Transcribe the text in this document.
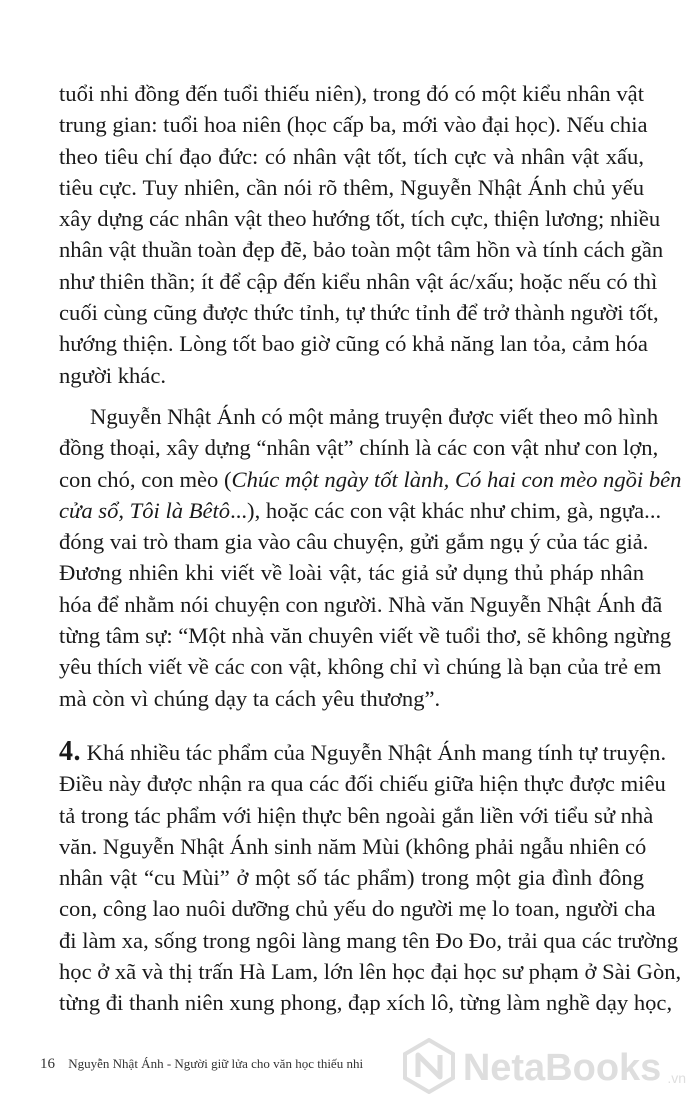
tuổi nhi đồng đến tuổi thiếu niên), trong đó có một kiểu nhân vật
trung gian: tuổi hoa niên (học cấp ba, mới vào đại học). Nếu chia
theo tiêu chí đạo đức: có nhân vật tốt, tích cực và nhân vật xấu,
tiêu cực. Tuy nhiên, cần nói rõ thêm, Nguyễn Nhật Ánh chủ yếu
xây dựng các nhân vật theo hướng tốt, tích cực, thiện lương; nhiều
nhân vật thuần toàn đẹp đẽ, bảo toàn một tâm hồn và tính cách gần
như thiên thần; ít để cập đến kiểu nhân vật ác/xấu; hoặc nếu có thì
cuối cùng cũng được thức tỉnh, tự thức tỉnh để trở thành người tốt,
hướng thiện. Lòng tốt bao giờ cũng có khả năng lan tỏa, cảm hóa
người khác.
Nguyễn Nhật Ánh có một mảng truyện được viết theo mô hình
đồng thoại, xây dựng “nhân vật” chính là các con vật như con lợn,
con chó, con mèo (Chúc một ngày tốt lành, Có hai con mèo ngồi bên
cửa sổ, Tôi là Bêtô...), hoặc các con vật khác như chim, gà, ngựa...
đóng vai trò tham gia vào câu chuyện, gửi gắm ngụ ý của tác giả.
Đương nhiên khi viết về loài vật, tác giả sử dụng thủ pháp nhân
hóa để nhằm nói chuyện con người. Nhà văn Nguyễn Nhật Ánh đã
từng tâm sự: “Một nhà văn chuyên viết về tuổi thơ, sẽ không ngừng
yêu thích viết về các con vật, không chỉ vì chúng là bạn của trẻ em
mà còn vì chúng dạy ta cách yêu thương”.
4. Khá nhiều tác phẩm của Nguyễn Nhật Ánh mang tính tự truyện.
Điều này được nhận ra qua các đối chiếu giữa hiện thực được miêu
tả trong tác phẩm với hiện thực bên ngoài gắn liền với tiểu sử nhà
văn. Nguyễn Nhật Ánh sinh năm Mùi (không phải ngẫu nhiên có
nhân vật “cu Mùi” ở một số tác phẩm) trong một gia đình đông
con, công lao nuôi dưỡng chủ yếu do người mẹ lo toan, người cha
đi làm xa, sống trong ngôi làng mang tên Đo Đo, trải qua các trường
học ở xã và thị trấn Hà Lam, lớn lên học đại học sư phạm ở Sài Gòn,
từng đi thanh niên xung phong, đạp xích lô, từng làm nghề dạy học,
16 Nguyễn Nhật Ánh - Người giữ lửa cho văn học thiếu nhi	NetaBooks .vn
